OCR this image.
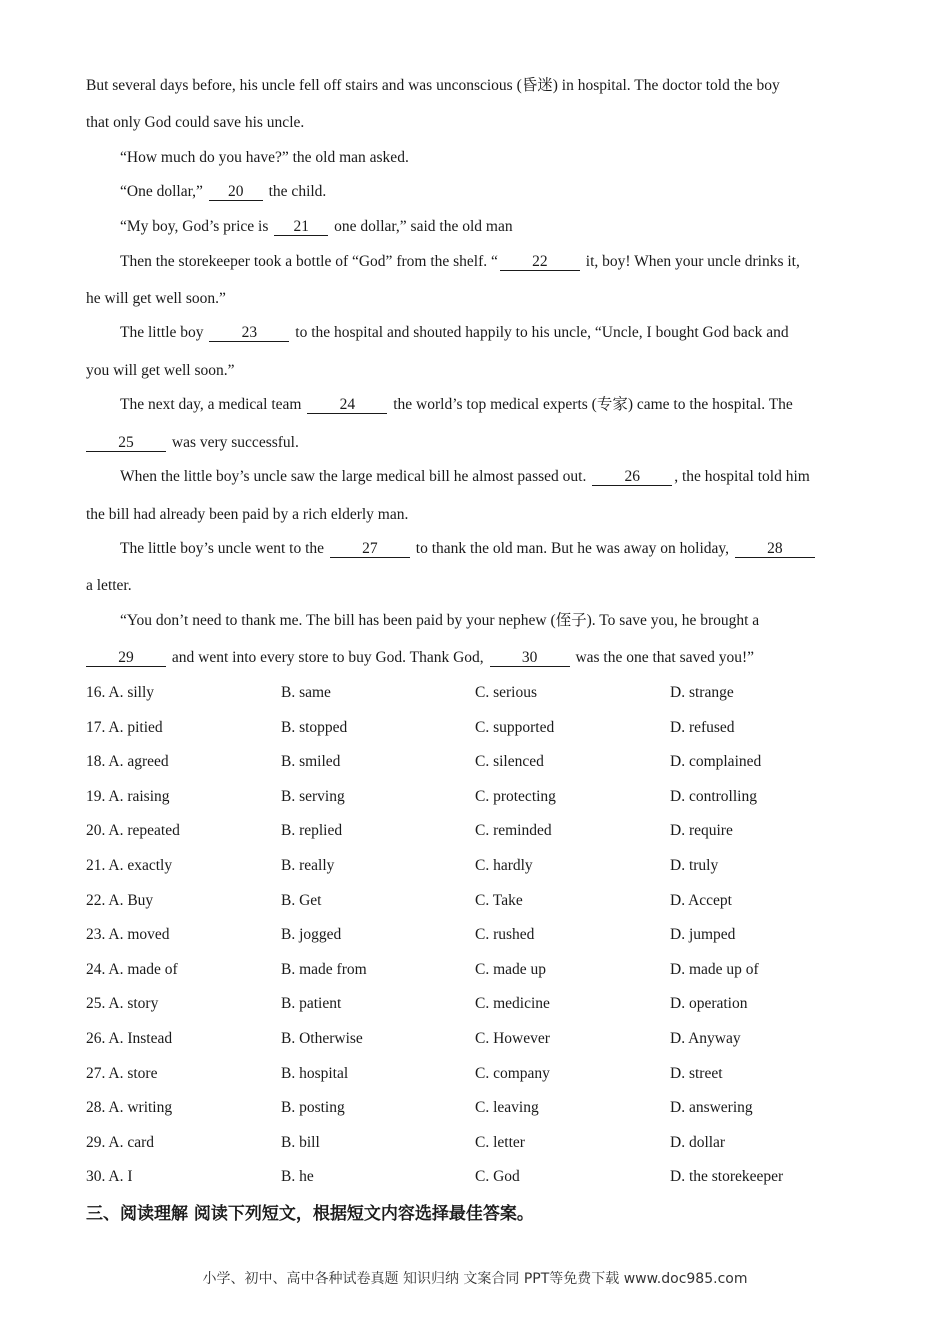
But several days before, his uncle fell off stairs and was unconscious (昏迷) in hospital. The doctor told the boy
that only God could save his uncle.
“How much do you have?” the old man asked.
“One dollar,” 20 the child.
“My boy, God’s price is 21 one dollar,” said the old man
Then the storekeeper took a bottle of “God” from the shelf. “ 22 it, boy! When your uncle drinks it,
he will get well soon.”
The little boy 23 to the hospital and shouted happily to his uncle, “Uncle, I bought God back and
you will get well soon.”
The next day, a medical team 24 the world’s top medical experts (专家) came to the hospital. The
25 was very successful.
When the little boy’s uncle saw the large medical bill he almost passed out. 26 , the hospital told him
the bill had already been paid by a rich elderly man.
The little boy’s uncle went to the 27 to thank the old man. But he was away on holiday, 28
a letter.
“You don’t need to thank me. The bill has been paid by your nephew (侄子). To save you, he brought a
29 and went into every store to buy God. Thank God, 30 was the one that saved you!”
16. A. silly	B. same	C. serious	D. strange
17. A. pitied	B. stopped	C. supported	D. refused
18. A. agreed	B. smiled	C. silenced	D. complained
19. A. raising	B. serving	C. protecting	D. controlling
20. A. repeated	B. replied	C. reminded	D. require
21. A. exactly	B. really	C. hardly	D. truly
22. A. Buy	B. Get	C. Take	D. Accept
23. A. moved	B. jogged	C. rushed	D. jumped
24. A. made of	B. made from	C. made up	D. made up of
25. A. story	B. patient	C. medicine	D. operation
26. A. Instead	B. Otherwise	C. However	D. Anyway
27. A. store	B. hospital	C. company	D. street
28. A. writing	B. posting	C. leaving	D. answering
29. A. card	B. bill	C. letter	D. dollar
30. A. I	B. he	C. God	D. the storekeeper
三、阅读理解 阅读下列短文，根据短文内容选择最佳答案。
小学、初中、高中各种试卷真题 知识归纳 文案合同 PPT等免费下载 www.doc985.com
